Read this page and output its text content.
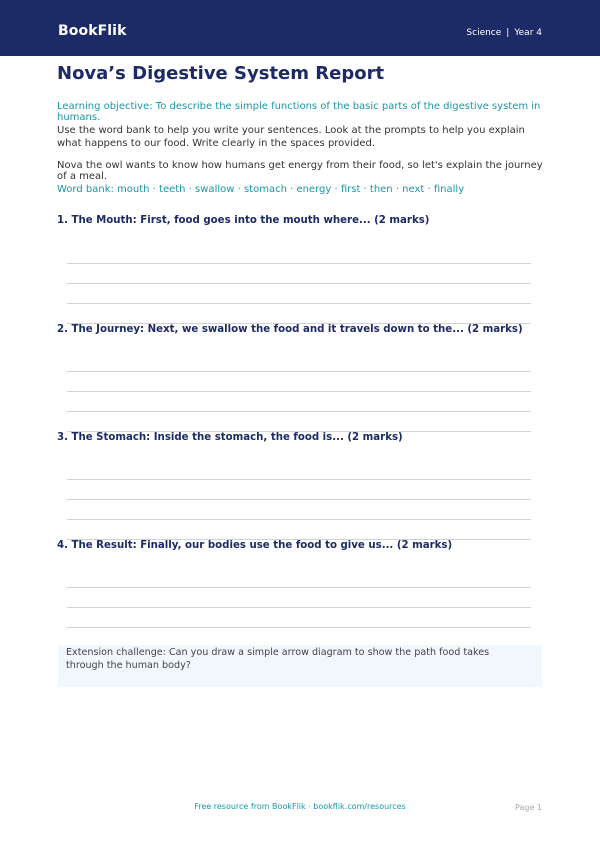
BookFlik	Science | Year 4
Nova’s Digestive System Report
Learning objective: To describe the simple functions of the basic parts of the digestive system in humans.
Use the word bank to help you write your sentences. Look at the prompts to help you explain what happens to our food. Write clearly in the spaces provided.
Nova the owl wants to know how humans get energy from their food, so let's explain the journey of a meal.
Word bank: mouth · teeth · swallow · stomach · energy · first · then · next · finally
1. The Mouth: First, food goes into the mouth where... (2 marks)
2. The Journey: Next, we swallow the food and it travels down to the... (2 marks)
3. The Stomach: Inside the stomach, the food is... (2 marks)
4. The Result: Finally, our bodies use the food to give us... (2 marks)
Extension challenge: Can you draw a simple arrow diagram to show the path food takes through the human body?
Free resource from BookFlik · bookflik.com/resources	Page 1
